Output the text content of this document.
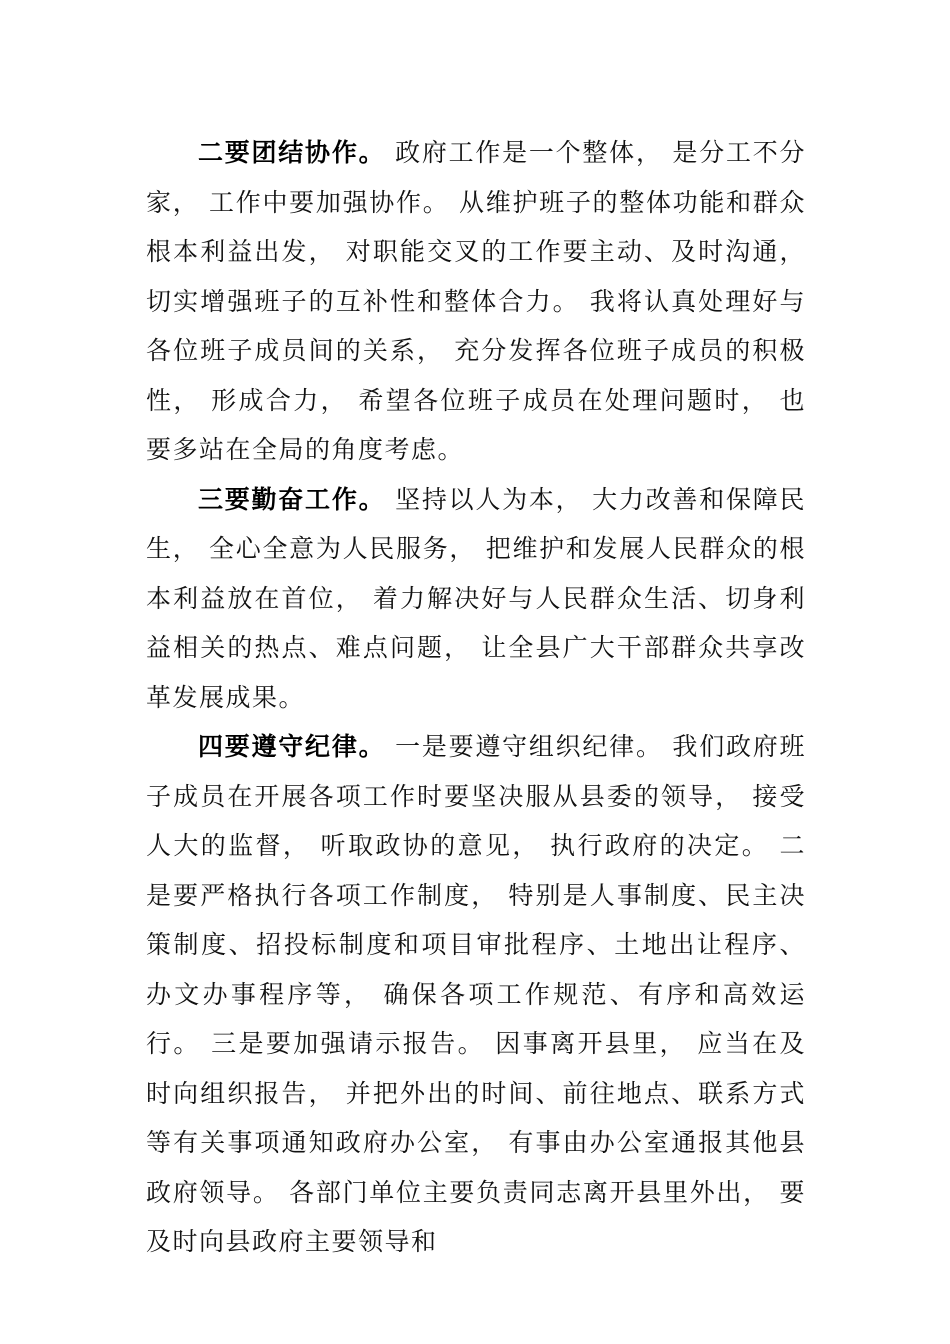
二要团结协作。 政府工作是一个整体， 是分工不分家， 工作中要加强协作。 从维护班子的整体功能和群众根本利益出发， 对职能交叉的工作要主动、及时沟通， 切实增强班子的互补性和整体合力。 我将认真处理好与各位班子成员间的关系， 充分发挥各位班子成员的积极性， 形成合力， 希望各位班子成员在处理问题时， 也要多站在全局的角度考虑。

三要勤奋工作。 坚持以人为本， 大力改善和保障民生， 全心全意为人民服务， 把维护和发展人民群众的根本利益放在首位， 着力解决好与人民群众生活、切身利益相关的热点、难点问题， 让全县广大干部群众共享改革发展成果。

四要遵守纪律。 一是要遵守组织纪律。 我们政府班子成员在开展各项工作时要坚决服从县委的领导， 接受人大的监督， 听取政协的意见， 执行政府的决定。 二是要严格执行各项工作制度， 特别是人事制度、民主决策制度、招投标制度和项目审批程序、土地出让程序、办文办事程序等， 确保各项工作规范、有序和高效运行。 三是要加强请示报告。 因事离开县里， 应当在及时向组织报告， 并把外出的时间、前往地点、联系方式等有关事项通知政府办公室， 有事由办公室通报其他县政府领导。 各部门单位主要负责同志离开县里外出， 要及时向县政府主要领导和
